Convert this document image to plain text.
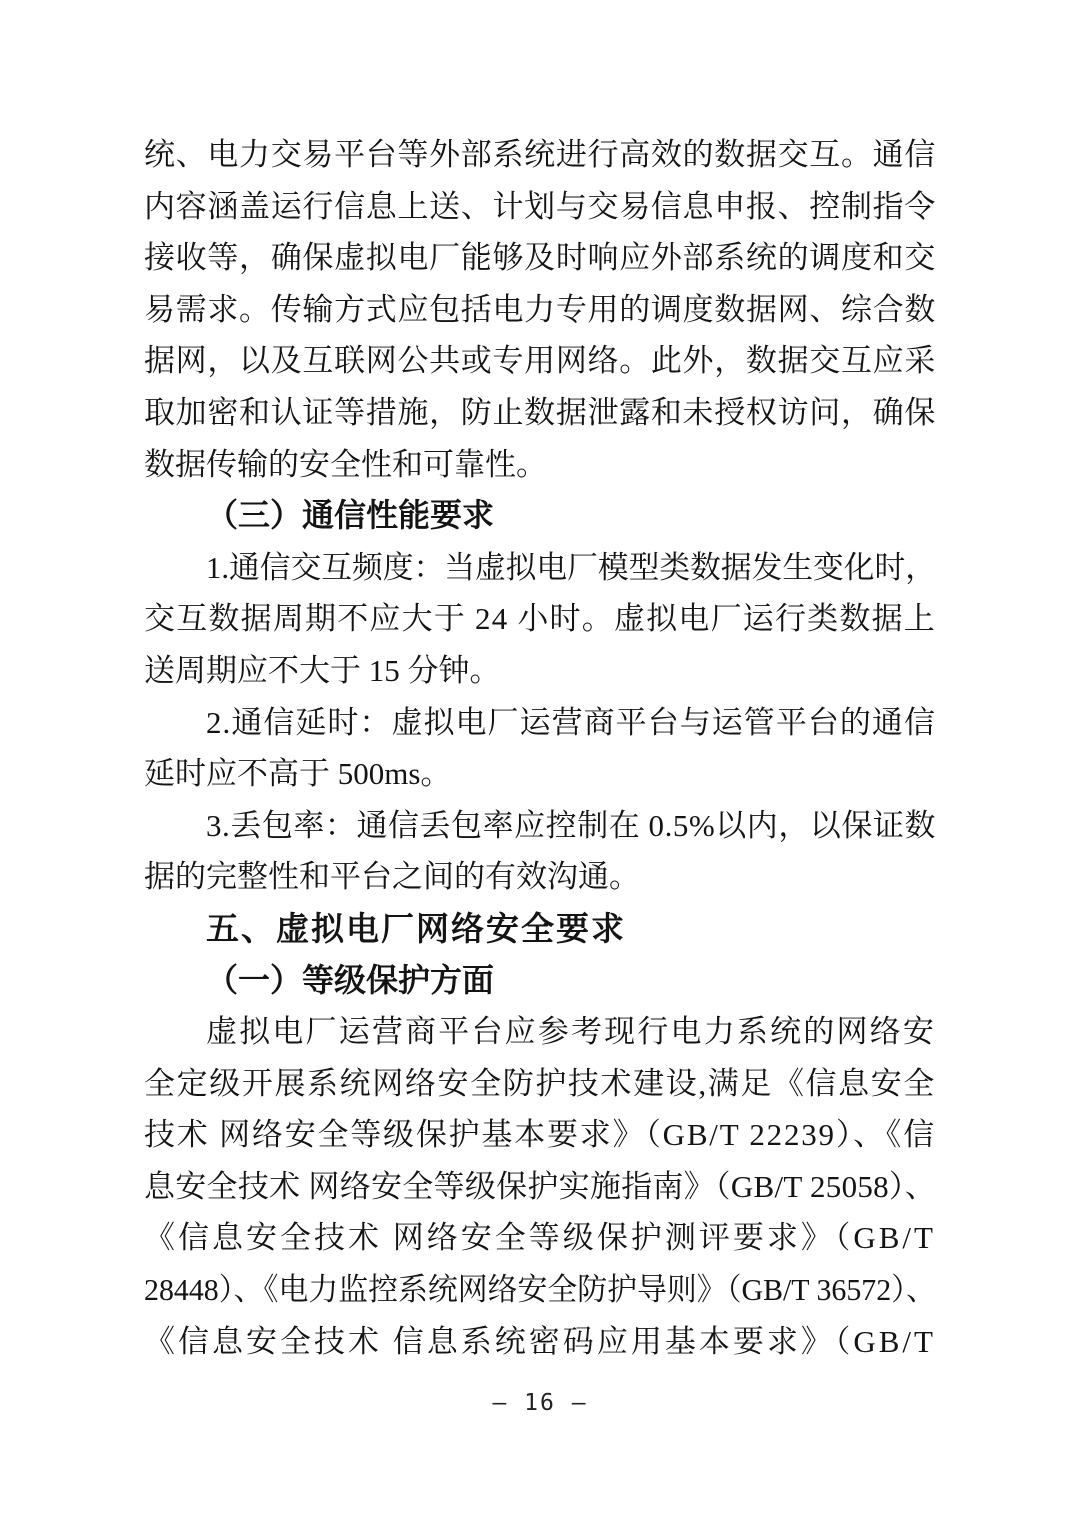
统、电力交易平台等外部系统进行高效的数据交互。通信
内容涵盖运行信息上送、计划与交易信息申报、控制指令
接收等，确保虚拟电厂能够及时响应外部系统的调度和交
易需求。传输方式应包括电力专用的调度数据网、综合数
据网，以及互联网公共或专用网络。此外，数据交互应采
取加密和认证等措施，防止数据泄露和未授权访问，确保
数据传输的安全性和可靠性。
（三）通信性能要求
1.通信交互频度：当虚拟电厂模型类数据发生变化时，
交互数据周期不应大于 24 小时。虚拟电厂运行类数据上
送周期应不大于 15 分钟。
2.通信延时：虚拟电厂运营商平台与运管平台的通信
延时应不高于 500ms。
3.丢包率：通信丢包率应控制在 0.5%以内，以保证数
据的完整性和平台之间的有效沟通。
五、虚拟电厂网络安全要求
（一）等级保护方面
虚拟电厂运营商平台应参考现行电力系统的网络安
全定级开展系统网络安全防护技术建设,满足《信息安全
技术 网络安全等级保护基本要求》（GB/T 22239）、《信
息安全技术 网络安全等级保护实施指南》（GB/T 25058）、
《信息安全技术 网络安全等级保护测评要求》（GB/T
28448）、《电力监控系统网络安全防护导则》（GB/T 36572）、
《信息安全技术 信息系统密码应用基本要求》（GB/T
— 16 —
